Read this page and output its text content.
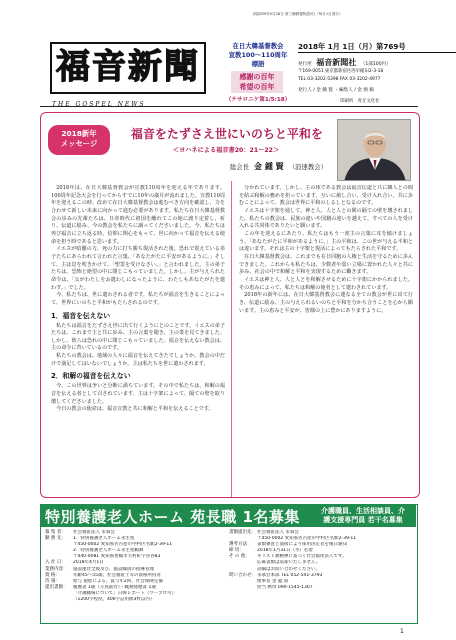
(昭和59年5月28日 第三種郵便物認可)（毎月1日発行）
福音新聞
THE GOSPEL NEWS
在日大韓基督教会
宣教100〜110周年
標語
感謝の百年
希望の百年
（テサロニケ第1/5:18）
2018年 1月 1日（月）第769号
発行所 福音新聞社 （1部100円）
〒169-0051 東京都新宿区西早稲田2-3-18
TEL 03-3202-5398 FAX 03-3202-4977
発行人 / 金 鍾 賢 ・編集人 / 金 炳 鎬
印刷所　青丘文化社
2018新年
メッセージ
福音をたずさえ世にいのちと平和を
＜ヨハネによる福音書20：21〜22＞
総会長 金 鍾 賢 （浪速教会）

2018年は、在日大韓基督教会が宣教110周年を迎える年であります。100周年記念大会を行ってからすでに10年の歳月が流れました。宣教110周年を迎えるこの時、改めて在日大韓基督教会は進むべき方向を確認し、力を合わせて新しい未来に向かって進む必要があります。私たち在日大韓基督教会の歩みの先輩たちは、日帝時代に祖国を離れてこの地に渡り定着し、祈り、伝道に励み、今の教会を私たちに譲ってくださいました。今、私たちは再び福音に立ち返る時、信仰に関心をもって、世に向かって福音を伝える使命を担う時であると思います。

イエスが暗闇の力、死の力に打ち勝ち復活された後、恐れで震えている弟子たちにあらわれて言われた言葉、「あなたがたに平安があるように。」そして、主は息を吹きかけて、「聖霊を受けなさい。」と言われました。主の弟子たちは、恐怖と絶望の中に閉じこもっていました。しかし、主が与えられた命令は、「父がわたしをお遣わしになったように、わたしもあなたがたを遣わす。」でした。

今、私たちは、世に遣わされる者です。私たちが福音を生きることによって、世界にいのちと平和がもたらされるのです。

1．福音を伝えない

私たちは福音をたずさえ世に出て行くようにとのことです。イエスの弟子たちは、これまで主と共に歩み、主の言葉を聞き、主の業を見てきました。しかし、彼らは恐れの中に閉じこもっていました。福音を伝えない教会は、主の命令に背いているのです。

私たちの教会は、地域の人々に福音を伝えてきたでしょうか。教会の中だけで満足してはいないでしょうか。主は私たちを世に遣わされます。

2．和解の福音を伝えない

今、この世界は争いと分断に満ちています。その中で私たちは、和解の福音を伝える者として召されています。主は十字架によって、隔ての壁を取り壊してくださいました。

今日の教会の使命は、福音宣教と共に和解と平和を伝えることです。

分かれています。しかし、主の体である教会は福音伝道と共に隣人との間を結ぶ和解の務めを担っています。互いに赦し合い、受け入れ合い、共に歩むことによって、教会は世界に平和のしるしとなるのです。

イエスは十字架を通して、神と人、人と人との間の隔ての壁を壊されました。私たちの教会は、民族の違いや国籍の違いを越えて、すべての人を受け入れる共同体でありたいと願います。

この年を迎えるにあたり、私たちはもう一度主の言葉に耳を傾けましょう。「あなたがたに平和があるように。」主の平和は、この世が与える平和とは違います。それは主の十字架と復活によってもたらされた平和です。

在日大韓基督教会は、これまでも在日同胞の人権と生活を守るために歩んできました。これからも私たちは、少数者や弱い立場に置かれた人々と共に歩み、社会の中で和解と平和を実現するために働きます。

イエスは神と人、人と人とを和解させるために十字架にかかられました。その恵みによって、私たちは和解の使者として遣わされています。

2018年の新年には、在日大韓基督教会に連なる全ての教会が世に出て行き、伝道に励み、主の与えられるいのちと平和を分かち合うことを心から願います。主の恵みと平安が、皆様の上に豊かにありますように。

特別養護老人ホーム 苑長職 1名募集	介護職員、生活相談員、介
護支援専門員 若干名募集
募 集 者：	社会福祉法人 永慕会
勤 務 先：	1．特別養護老人ホーム永生苑
〒450-0002 愛知県名古屋市中村区名駅2-39-11
2．特別養護老人ホーム永生苑鶴舞
〒440-0081 愛知県豊橋市大村町字呑谷83
入 社 日：	2018年4月1日
業務内容：	施設運営全般及び、施設職員の指導管理
資 格：	年齢45〜55歳、社会福祉士等の資格所持者
待 遇：	給与 規程による。賞与年2回、社会保険完備
提出書類：	履歴書 1通（写真貼付）・職務経歴書 1通
「介護職場について」日韓レポート（ワープロ可）
（1200字程度、400字詰用紙3枚以内）
書類提出先： 社会福祉法人 永慕会
〒450-0002 愛知県名古屋市中村区名駅2-39-11
選考方法：	書類審査と面接により採用決定者を後日通知
締 切：	2018年1月31日（水）必着
そ の 他：	キリスト教精神に基づく社会福祉法人です。
応募書類は返却いたしません。
詳細はお問い合わせください。
問い合わせ： 永慕会本部 TEL 052-541-3793
理事長 金 龍 雨
担当 携帯 090-1545-1307
1
